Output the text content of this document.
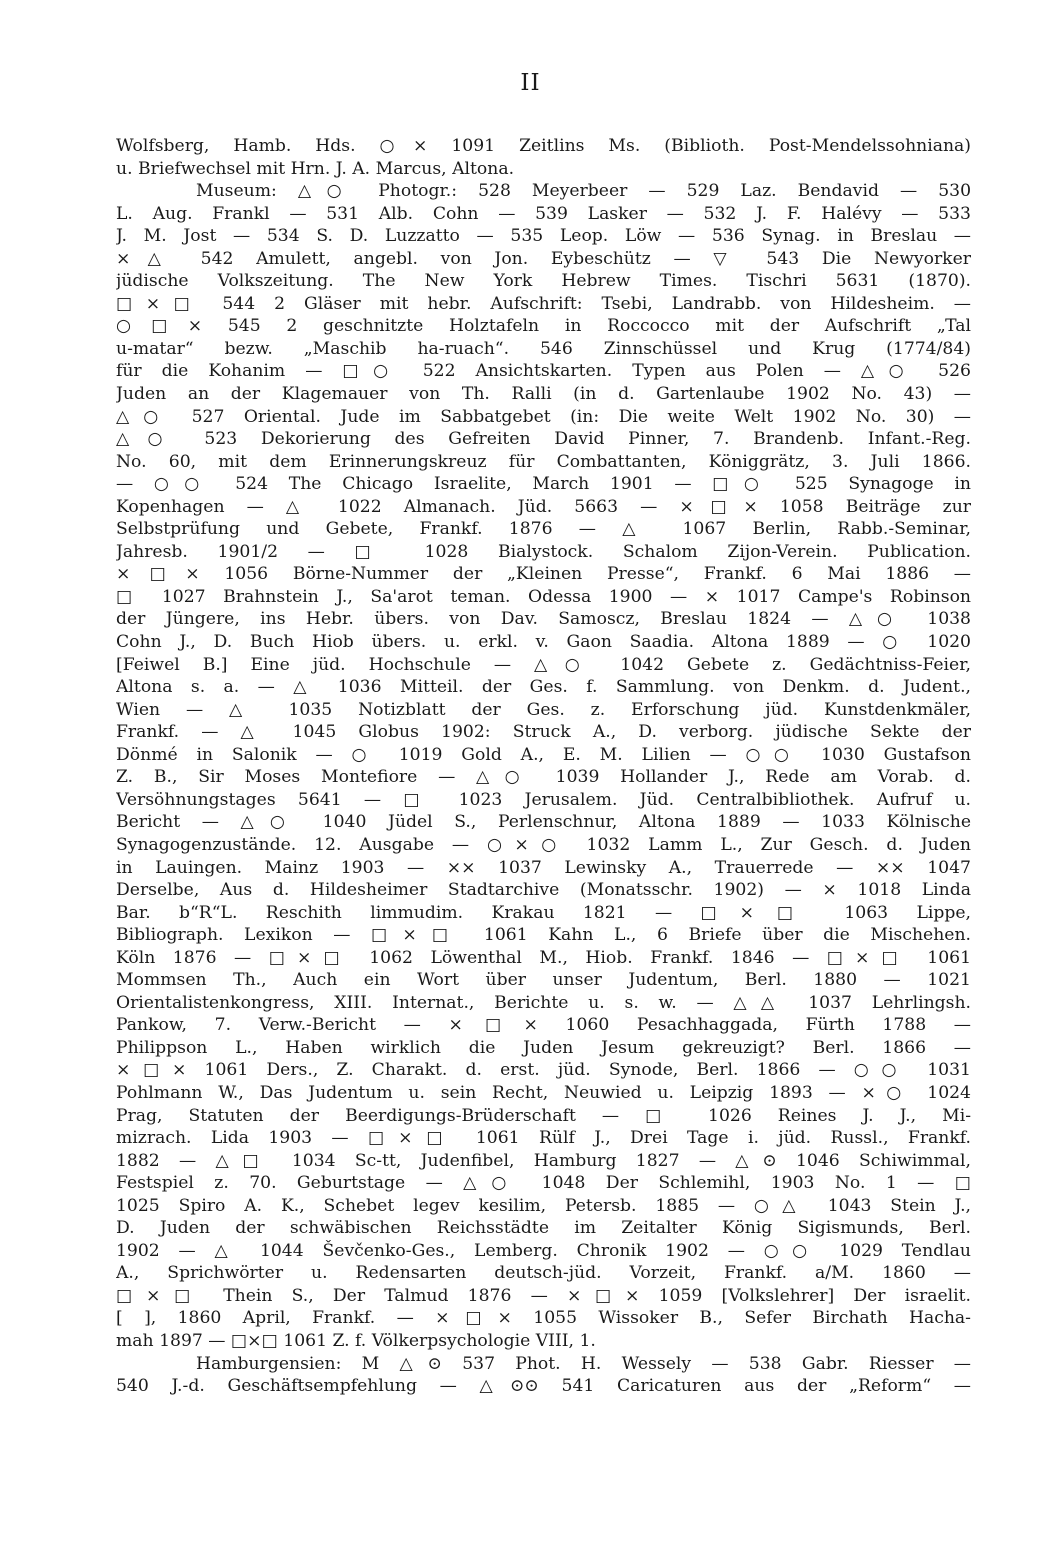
II
Wolfsberg, Hamb. Hds. ○× 1091 Zeitlins Ms. (Biblioth. Post-Mendelssohniana)
u. Briefwechsel mit Hrn. J. A. Marcus, Altona.
Museum: △○ Photogr.: 528 Meyerbeer — 529 Laz. Bendavid — 530
L. Aug. Frankl — 531 Alb. Cohn — 539 Lasker — 532 J. F. Halévy — 533
J. M. Jost — 534 S. D. Luzzatto — 535 Leop. Löw — 536 Synag. in Breslau —
×△ 542 Amulett, angebl. von Jon. Eybeschütz — ▽ 543 Die Newyorker
jüdische Volkszeitung. The New York Hebrew Times. Tischri 5631 (1870).
□×□ 544 2 Gläser mit hebr. Aufschrift: Tsebi, Landrabb. von Hildesheim. —
○□× 545 2 geschnitzte Holztafeln in Roccocco mit der Aufschrift „Tal
u-matar“ bezw. „Maschib ha-ruach“. 546 Zinnschüssel und Krug (1774/84)
für die Kohanim — □○ 522 Ansichtskarten. Typen aus Polen — △○ 526
Juden an der Klagemauer von Th. Ralli (in d. Gartenlaube 1902 No. 43) —
△○ 527 Oriental. Jude im Sabbatgebet (in: Die weite Welt 1902 No. 30) —
△○ 523 Dekorierung des Gefreiten David Pinner, 7. Brandenb. Infant.-Reg.
No. 60, mit dem Erinnerungskreuz für Combattanten, Königgrätz, 3. Juli 1866.
— ○○ 524 The Chicago Israelite, March 1901 — □○ 525 Synagoge in
Kopenhagen — △ 1022 Almanach. Jüd. 5663 — ×□× 1058 Beiträge zur
Selbstprüfung und Gebete, Frankf. 1876 — △ 1067 Berlin, Rabb.-Seminar,
Jahresb. 1901/2 — □ 1028 Bialystock. Schalom Zijon-Verein. Publication.
×□× 1056 Börne-Nummer der „Kleinen Presse“, Frankf. 6 Mai 1886 —
□ 1027 Brahnstein J., Sa'arot teman. Odessa 1900 — × 1017 Campe's Robinson
der Jüngere, ins Hebr. übers. von Dav. Samoscz, Breslau 1824 — △○ 1038
Cohn J., D. Buch Hiob übers. u. erkl. v. Gaon Saadia. Altona 1889 — ○ 1020
[Feiwel B.] Eine jüd. Hochschule — △○ 1042 Gebete z. Gedächtniss-Feier,
Altona s. a. — △ 1036 Mitteil. der Ges. f. Sammlung. von Denkm. d. Judent.,
Wien — △ 1035 Notizblatt der Ges. z. Erforschung jüd. Kunstdenkmäler,
Frankf. — △ 1045 Globus 1902: Struck A., D. verborg. jüdische Sekte der
Dönmé in Salonik — ○ 1019 Gold A., E. M. Lilien — ○○ 1030 Gustafson
Z. B., Sir Moses Montefiore — △○ 1039 Hollander J., Rede am Vorab. d.
Versöhnungstages 5641 — □ 1023 Jerusalem. Jüd. Centralbibliothek. Aufruf u.
Bericht — △○ 1040 Jüdel S., Perlenschnur, Altona 1889 — 1033 Kölnische
Synagogenzustände. 12. Ausgabe — ○×○ 1032 Lamm L., Zur Gesch. d. Juden
in Lauingen. Mainz 1903 — ×× 1037 Lewinsky A., Trauerrede — ×× 1047
Derselbe, Aus d. Hildesheimer Stadtarchive (Monatsschr. 1902) — × 1018 Linda
Bar. b“R“L. Reschith limmudim. Krakau 1821 — □×□ 1063 Lippe,
Bibliograph. Lexikon — □×□ 1061 Kahn L., 6 Briefe über die Mischehen.
Köln 1876 — □×□ 1062 Löwenthal M., Hiob. Frankf. 1846 — □×□ 1061
Mommsen Th., Auch ein Wort über unser Judentum, Berl. 1880 — 1021
Orientalistenkongress, XIII. Internat., Berichte u. s. w. — △△ 1037 Lehrlingsh.
Pankow, 7. Verw.-Bericht — ×□× 1060 Pesachhaggada, Fürth 1788 —
Philippson L., Haben wirklich die Juden Jesum gekreuzigt? Berl. 1866 —
×□× 1061 Ders., Z. Charakt. d. erst. jüd. Synode, Berl. 1866 — ○○ 1031
Pohlmann W., Das Judentum u. sein Recht, Neuwied u. Leipzig 1893 — ×○ 1024
Prag, Statuten der Beerdigungs-Brüderschaft — □ 1026 Reines J. J., Mi-
mizrach. Lida 1903 — □×□ 1061 Rülf J., Drei Tage i. jüd. Russl., Frankf.
1882 — △□ 1034 Sc-tt, Judenfibel, Hamburg 1827 — △⊙ 1046 Schiwimmal,
Festspiel z. 70. Geburtstage — △○ 1048 Der Schlemihl, 1903 No. 1 — □
1025 Spiro A. K., Schebet legev kesilim, Petersb. 1885 — ○△ 1043 Stein J.,
D. Juden der schwäbischen Reichsstädte im Zeitalter König Sigismunds, Berl.
1902 — △ 1044 Ševčenko-Ges., Lemberg. Chronik 1902 — ○○ 1029 Tendlau
A., Sprichwörter u. Redensarten deutsch-jüd. Vorzeit, Frankf. a/M. 1860 —
□×□ Thein S., Der Talmud 1876 — ×□× 1059 [Volkslehrer] Der israelit.
[ ], 1860 April, Frankf. — ×□× 1055 Wissoker B., Sefer Birchath Hacha-
mah 1897 — □×□ 1061 Z. f. Völkerpsychologie VIII, 1.
Hamburgensien: M △⊙ 537 Phot. H. Wessely — 538 Gabr. Riesser —
540 J.-d. Geschäftsempfehlung — △⊙⊙ 541 Caricaturen aus der „Reform“ —
